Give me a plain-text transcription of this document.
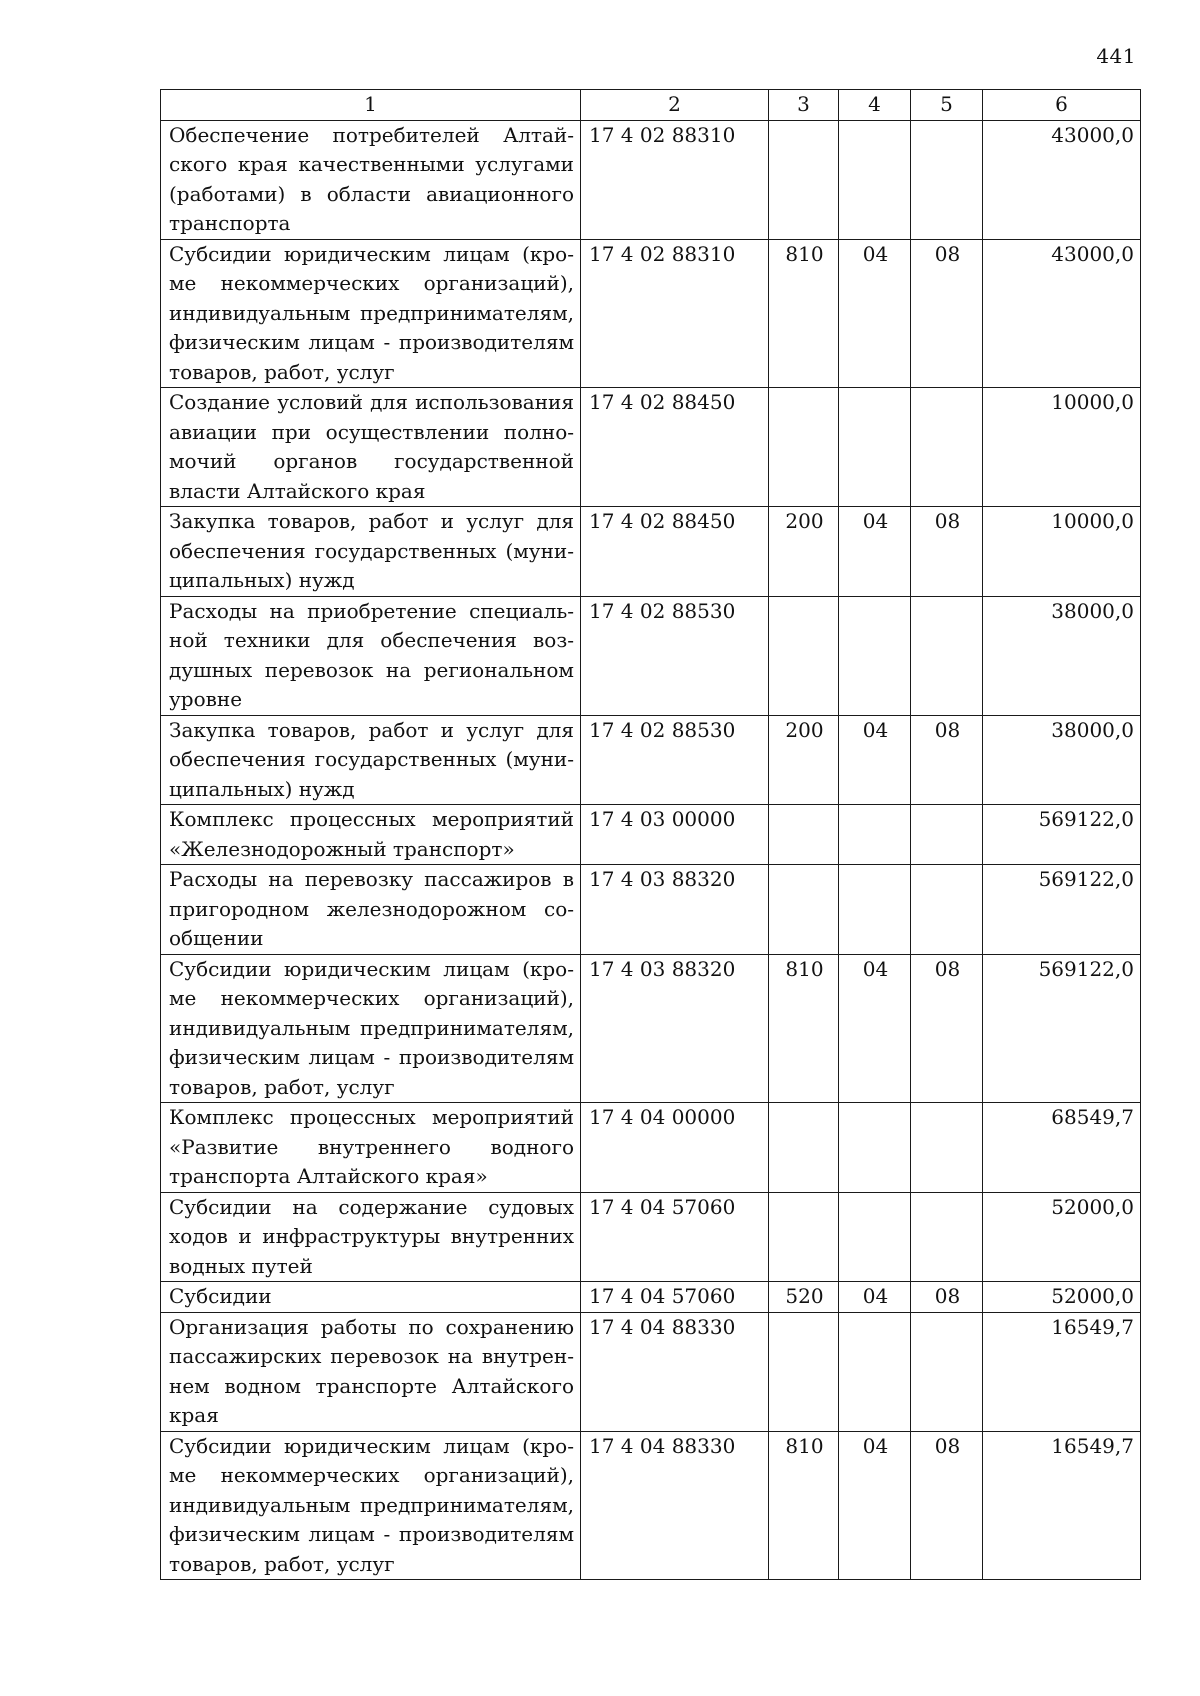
441
1	2	3	4	5	6
Обеспечение потребителей Алтайского края качественными услугами (работами) в области авиационного транспорта	17 4 02 88310				43000,0
Субсидии юридическим лицам (кроме некоммерческих организаций), индивидуальным предпринимателям, физическим лицам - производителям товаров, работ, услуг	17 4 02 88310	810	04	08	43000,0
Создание условий для использования авиации при осуществлении полномочий органов государственной власти Алтайского края	17 4 02 88450				10000,0
Закупка товаров, работ и услуг для обеспечения государственных (муниципальных) нужд	17 4 02 88450	200	04	08	10000,0
Расходы на приобретение специальной техники для обеспечения воздушных перевозок на региональном уровне	17 4 02 88530				38000,0
Закупка товаров, работ и услуг для обеспечения государственных (муниципальных) нужд	17 4 02 88530	200	04	08	38000,0
Комплекс процессных мероприятий «Железнодорожный транспорт»	17 4 03 00000				569122,0
Расходы на перевозку пассажиров в пригородном железнодорожном сообщении	17 4 03 88320				569122,0
Субсидии юридическим лицам (кроме некоммерческих организаций), индивидуальным предпринимателям, физическим лицам - производителям товаров, работ, услуг	17 4 03 88320	810	04	08	569122,0
Комплекс процессных мероприятий «Развитие внутреннего водного транспорта Алтайского края»	17 4 04 00000				68549,7
Субсидии на содержание судовых ходов и инфраструктуры внутренних водных путей	17 4 04 57060				52000,0
Субсидии	17 4 04 57060	520	04	08	52000,0
Организация работы по сохранению пассажирских перевозок на внутреннем водном транспорте Алтайского края	17 4 04 88330				16549,7
Субсидии юридическим лицам (кроме некоммерческих организаций), индивидуальным предпринимателям, физическим лицам - производителям товаров, работ, услуг	17 4 04 88330	810	04	08	16549,7
